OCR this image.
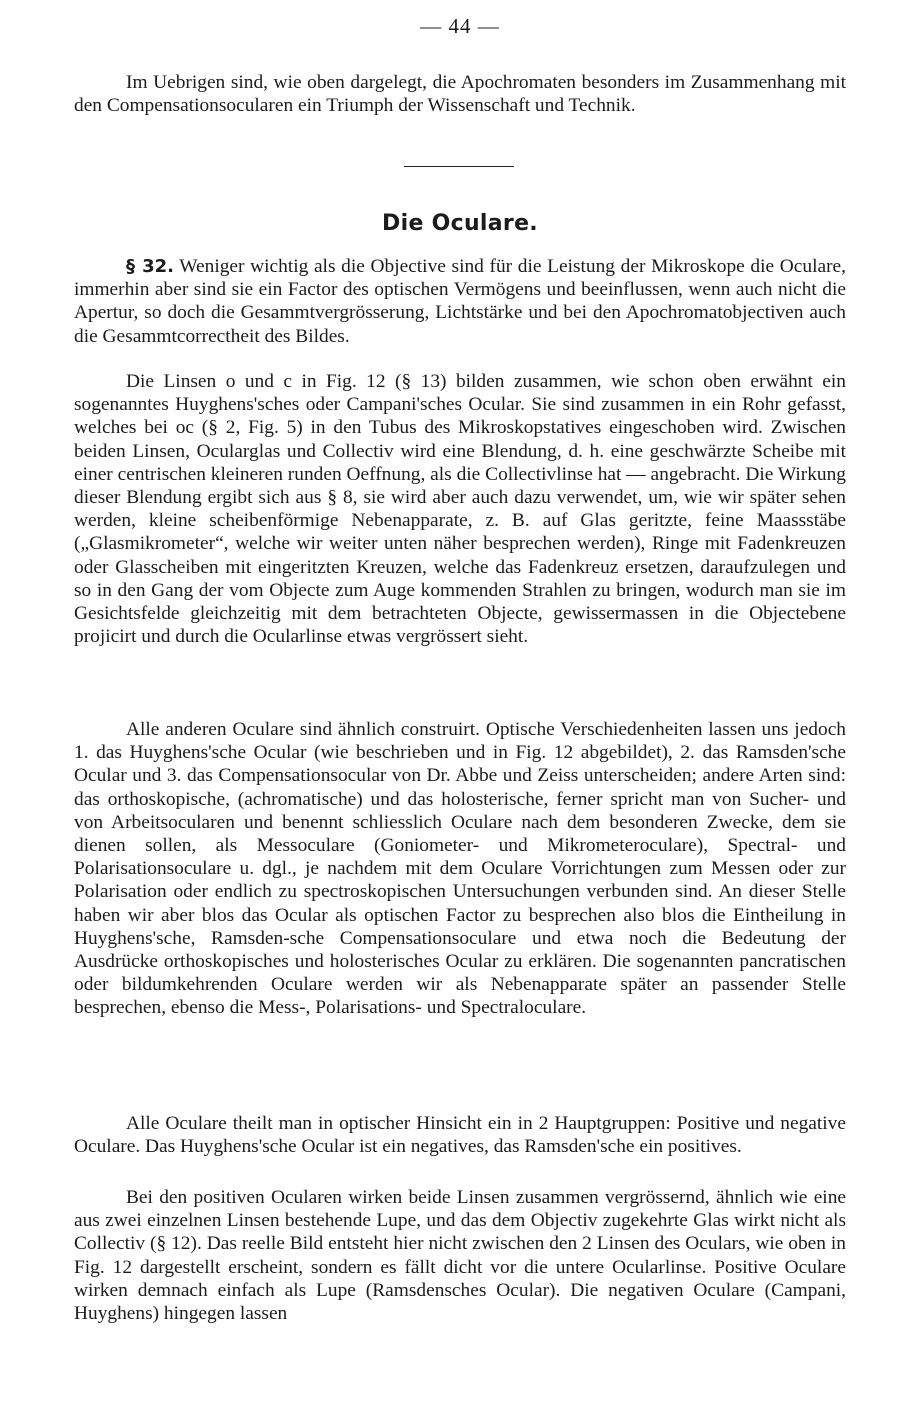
— 44 —

Im Uebrigen sind, wie oben dargelegt, die Apochromaten besonders im Zusammenhang mit den Compensationsocularen ein Triumph der Wissenschaft und Technik.

Die Oculare.

§ 32. Weniger wichtig als die Objective sind für die Leistung der Mikroskope die Oculare, immerhin aber sind sie ein Factor des optischen Vermögens und beeinflussen, wenn auch nicht die Apertur, so doch die Gesammtvergrösserung, Lichtstärke und bei den Apochromatobjectiven auch die Gesammtcorrectheit des Bildes.

Die Linsen o und c in Fig. 12 (§ 13) bilden zusammen, wie schon oben erwähnt ein sogenanntes Huyghens'sches oder Campani'sches Ocular. Sie sind zusammen in ein Rohr gefasst, welches bei oc (§ 2, Fig. 5) in den Tubus des Mikroskopstatives eingeschoben wird. Zwischen beiden Linsen, Ocularglas und Collectiv wird eine Blendung, d. h. eine geschwärzte Scheibe mit einer centrischen kleineren runden Oeffnung, als die Collectivlinse hat — angebracht. Die Wirkung dieser Blendung ergibt sich aus § 8, sie wird aber auch dazu verwendet, um, wie wir später sehen werden, kleine scheibenförmige Nebenapparate, z. B. auf Glas geritzte, feine Maassstäbe („Glasmikrometer“, welche wir weiter unten näher besprechen werden), Ringe mit Fadenkreuzen oder Glasscheiben mit eingeritzten Kreuzen, welche das Fadenkreuz ersetzen, daraufzulegen und so in den Gang der vom Objecte zum Auge kommenden Strahlen zu bringen, wodurch man sie im Gesichtsfelde gleichzeitig mit dem betrachteten Objecte, gewissermassen in die Objectebene projicirt und durch die Ocularlinse etwas vergrössert sieht.

Alle anderen Oculare sind ähnlich construirt. Optische Verschiedenheiten lassen uns jedoch 1. das Huyghens'sche Ocular (wie beschrieben und in Fig. 12 abgebildet), 2. das Ramsden'sche Ocular und 3. das Compensationsocular von Dr. Abbe und Zeiss unterscheiden; andere Arten sind: das orthoskopische, (achromatische) und das holosterische, ferner spricht man von Sucher- und von Arbeitsocularen und benennt schliesslich Oculare nach dem besonderen Zwecke, dem sie dienen sollen, als Messoculare (Goniometer- und Mikrometeroculare), Spectral- und Polarisationsoculare u. dgl., je nachdem mit dem Oculare Vorrichtungen zum Messen oder zur Polarisation oder endlich zu spectroskopischen Untersuchungen verbunden sind. An dieser Stelle haben wir aber blos das Ocular als optischen Factor zu besprechen also blos die Eintheilung in Huyghens'sche, Ramsden-sche Compensationsoculare und etwa noch die Bedeutung der Ausdrücke orthoskopisches und holosterisches Ocular zu erklären. Die sogenannten pancratischen oder bildumkehrenden Oculare werden wir als Nebenapparate später an passender Stelle besprechen, ebenso die Mess-, Polarisations- und Spectraloculare.

Alle Oculare theilt man in optischer Hinsicht ein in 2 Hauptgruppen: Positive und negative Oculare. Das Huyghens'sche Ocular ist ein negatives, das Ramsden'sche ein positives.

Bei den positiven Ocularen wirken beide Linsen zusammen vergrössernd, ähnlich wie eine aus zwei einzelnen Linsen bestehende Lupe, und das dem Objectiv zugekehrte Glas wirkt nicht als Collectiv (§ 12). Das reelle Bild entsteht hier nicht zwischen den 2 Linsen des Oculars, wie oben in Fig. 12 dargestellt erscheint, sondern es fällt dicht vor die untere Ocularlinse. Positive Oculare wirken demnach einfach als Lupe (Ramsdensches Ocular). Die negativen Oculare (Campani, Huyghens) hingegen lassen
